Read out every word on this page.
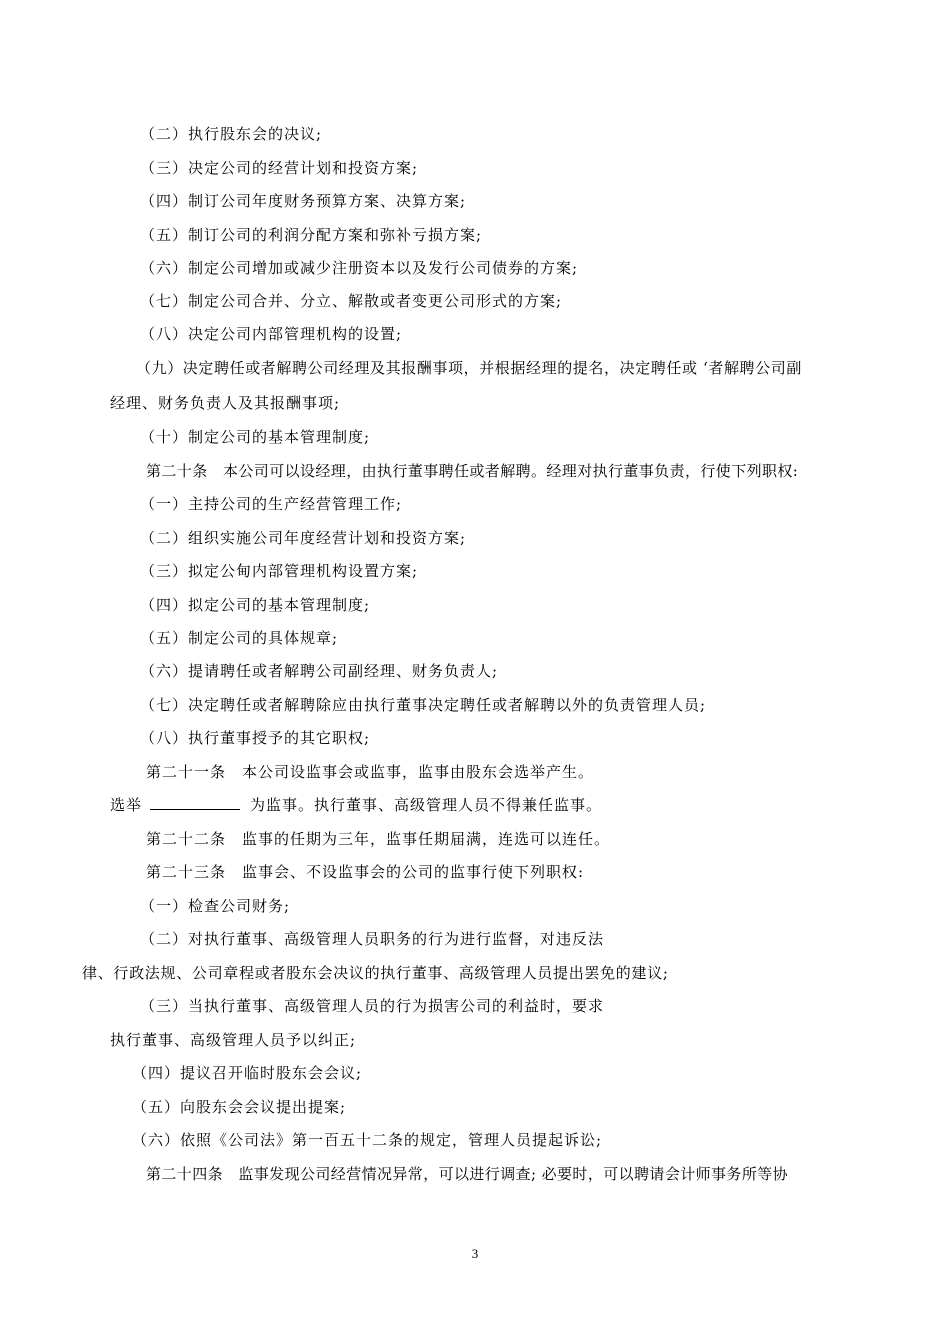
（二）执行股东会的决议;
（三）决定公司的经营计划和投资方案;
（四）制订公司年度财务预算方案、决算方案;
（五）制订公司的利润分配方案和弥补亏损方案;
（六）制定公司增加或减少注册资本以及发行公司债券的方案;
（七）制定公司合并、分立、解散或者变更公司形式的方案;
（八）决定公司内部管理机构的设置;
（九）决定聘任或者解聘公司经理及其报酬事项，并根据经理的提名，决定聘任或 ‘者解聘公司副
经理、财务负责人及其报酬事项;
（十）制定公司的基本管理制度;
第二十条　本公司可以设经理，由执行董事聘任或者解聘。经理对执行董事负责，行使下列职权:
（一）主持公司的生产经营管理工作;
（二）组织实施公司年度经营计划和投资方案;
（三）拟定公甸内部管理机构设置方案;
（四）拟定公司的基本管理制度;
（五）制定公司的具体规章;
（六）提请聘任或者解聘公司副经理、财务负责人;
（七）决定聘任或者解聘除应由执行董事决定聘任或者解聘以外的负责管理人员;
（八）执行董事授予的其它职权;
第二十一条　本公司设监事会或监事，监事由股东会选举产生。
选举	为监事。执行董事、高级管理人员不得兼任监事。
第二十二条　监事的任期为三年，监事任期届满，连选可以连任。
第二十三条　监事会、不设监事会的公司的监事行使下列职权:
（一）检查公司财务;
（二）对执行董事、高级管理人员职务的行为进行监督，对违反法
律、行政法规、公司章程或者股东会决议的执行董事、高级管理人员提出罢免的建议;
（三）当执行董事、高级管理人员的行为损害公司的利益时，要求
执行董事、高级管理人员予以纠正;
（四）提议召开临时股东会会议;
（五）向股东会会议提出提案;
（六）依照《公司法》第一百五十二条的规定，管理人员提起诉讼;
第二十四条　监事发现公司经营情况异常，可以进行调查; 必要时，可以聘请会计师事务所等协
3
